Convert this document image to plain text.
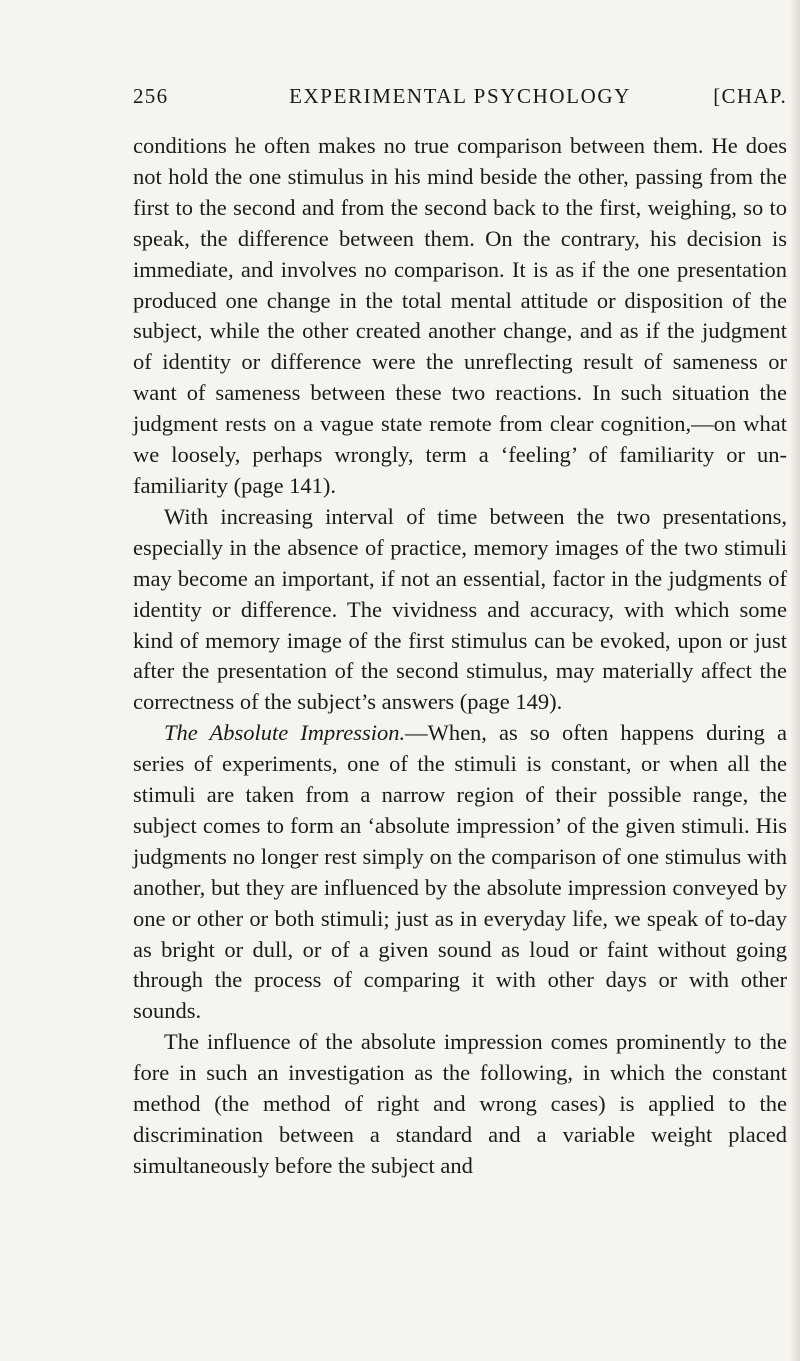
256	EXPERIMENTAL PSYCHOLOGY	[CHAP.

conditions he often makes no true comparison between them. He does not hold the one stimulus in his mind beside the other, passing from the first to the second and from the second back to the first, weighing, so to speak, the difference between them. On the contrary, his decision is immediate, and involves no comparison. It is as if the one presentation produced one change in the total mental attitude or disposition of the subject, while the other created another change, and as if the judgment of identity or difference were the unreflecting result of sameness or want of sameness between these two reactions. In such situation the judgment rests on a vague state remote from clear cognition,—on what we loosely, perhaps wrongly, term a ‘feeling’ of familiarity or unfamiliarity (page 141).

With increasing interval of time between the two presentations, especially in the absence of practice, memory images of the two stimuli may become an important, if not an essential, factor in the judgments of identity or difference. The vividness and accuracy, with which some kind of memory image of the first stimulus can be evoked, upon or just after the presentation of the second stimulus, may materially affect the correctness of the subject’s answers (page 149).

The Absolute Impression.—When, as so often happens during a series of experiments, one of the stimuli is constant, or when all the stimuli are taken from a narrow region of their possible range, the subject comes to form an ‘absolute impression’ of the given stimuli. His judgments no longer rest simply on the comparison of one stimulus with another, but they are influenced by the absolute impression conveyed by one or other or both stimuli; just as in everyday life, we speak of to-day as bright or dull, or of a given sound as loud or faint without going through the process of comparing it with other days or with other sounds.

The influence of the absolute impression comes prominently to the fore in such an investigation as the following, in which the constant method (the method of right and wrong cases) is applied to the discrimination between a standard and a variable weight placed simultaneously before the subject and
